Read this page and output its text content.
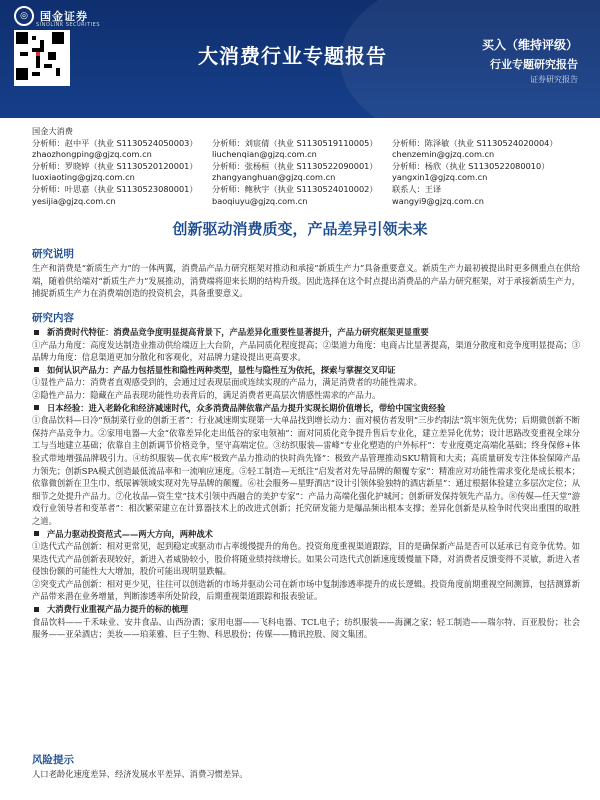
◎	国金证券
SINOLINK SECURITIES
大消费行业专题报告	买入（维持评级）
行业专题研究报告
证券研究报告
国金大消费
分析师：赵中平（执业 S1130524050003）	分析师：刘宸倩（执业 S1130519110005）	分析师：陈泽敏（执业 S1130524020004）
zhaozhongping@gjzq.com.cn	liuchenqian@gjzq.com.cn	chenzemin@gjzq.com.cn
分析师：罗晓婷（执业 S1130520120001）	分析师：张杨桓（执业 S1130522090001）	分析师：杨欣（执业 S1130522080010）
luoxiaoting@gjzq.com.cn	zhangyanghuan@gjzq.com.cn	yangxin1@gjzq.com.cn
分析师：叶思嘉（执业 S1130523080001）	分析师：鲍秋宇（执业 S1130524010002）	联系人：王译
yesijia@gjzq.com.cn	baoqiuyu@gjzq.com.cn	wangyi9@gjzq.com.cn
创新驱动消费质变，产品差异引领未来
研究说明

生产和消费是“新质生产力”的一体两翼，消费品产品力研究框架对推动和承接“新质生产力”具备重要意义。新质生产力最初被提出时更多侧重点在供给端，随着供给端对“新质生产力”发展推动，消费端将迎来长期的结构升级。因此选择在这个时点提出消费品的产品力研究框架，对于承接新质生产力，捕捉新质生产力在消费端创造的投资机会，具备重要意义。

研究内容

新消费时代特征：消费品竞争度明显提高背景下，产品差异化重要性显著提升，产品力研究框架更显重要

①产品力角度：高度发达制造业推动供给端迈上大台阶，产品同质化程度提高；②渠道力角度：电商占比显著提高，渠道分散度和竞争度明显提高；③品牌力角度：信息渠道更加分散化和客观化，对品牌力建设提出更高要求。

如何认识产品力：产品力包括显性和隐性两种类型，显性与隐性互为依托，探索与掌握交叉印证

①显性产品力：消费者直观感受到的，会通过过表现层面或连续实现的产品力，满足消费者的功能性需求。

②隐性产品力：隐藏在产品表现功能性功表背后的，满足消费者更高层次情感性需求的产品力。

日本经验：进入老龄化和经济减速时代，众多消费品牌依靠产品力提升实现长期价值增长，带给中国宝贵经验

①食品饮料—日冷“预制菜行业的创新王者”：行业减速期实现第一大单品找到增长动力：面对模仿者发明“三步约制法”筑牢领先优势；后期微创新不断保持产品竞争力。②家用电器—大金“依靠差异化走出低谷的家电领袖”：面对同质化竞争提升售后专业化，建立差异化优势；设计思路改变重视全球分工与当地建立基础；依靠自主创新调节价格竞争，坚守高端定位。③纺织服装—雷峰“专业化塑造的户外标杆”：专业度奠定高端化基础；终身保修+体验式带地增强品牌吸引力。④纺织服装—优衣库“极致产品力推动的快时尚先锋”：极致产品管理推动SKU精简和大卖；高质量研发专注体验保障产品力领先；创新SPA模式创造最低流品率和一流响应速度。⑤轻工制造—无纸注“启发者对先导品牌的颠覆专家”：精准应对功能性需求变化是成长根本；依靠微创新在卫生巾、纸尿裤领域实现对先导品牌的颠覆。⑥社会服务—星野酒店“设计引领体验独特的酒店新星”：通过根据体验建立多层次定位；从细节之处提升产品力。⑦化妆品—资生堂“技术引领中西融合的美护专家”：产品力高端化强化护城河；创新研发保持领先产品力。⑧传媒—任天堂“游戏行业领导者和变革者”：相次繁荣建立在计算器技术上的改进式创新；托究研发能力是爆品频出根本支撑；差异化创新是从检争时代突出重围的取胜之道。

产品力驱动投资范式——两大方向，两种战术

①迭代式产品创新：相对更常见，起到稳定或驱动市占率缓慢提升的角色。投资角度重视渠道跟踪，目的是确保新产品是否可以延承已有竞争优势。如果迭代式产品创新表现较好，新进入者威胁较小，股价将随业绩持续增长。如果公司迭代式创新速度缓慢量下降，对消费者反馈变得不灵敏，新进入者侵蚀份额的可能性大大增加，股价可能出现明显跌幅。

②突变式产品创新：相对更少见，往往可以创造新的市场并驱动公司在新市场中复制渗透率提升的成长逻辑。投资角度前期重视空间测算，包括测算新产品带来潜在业务增量，判断渗透率所处阶段，后期重视渠道跟踪和报表验证。

大消费行业重视产品力提升的标的梳理

食品饮料——千禾味业、安井食品、山西汾酒；家用电器——飞科电器、TCL电子；纺织服装——海澜之家；轻工制造——瑞尔特、百亚股份；社会服务——亚朵酒店；美妆——珀莱雅、巨子生物、科思股份；传媒——腾讯控股、阅文集团。

风险提示

人口老龄化速度差异、经济发展水平差异、消费习惯差异。
